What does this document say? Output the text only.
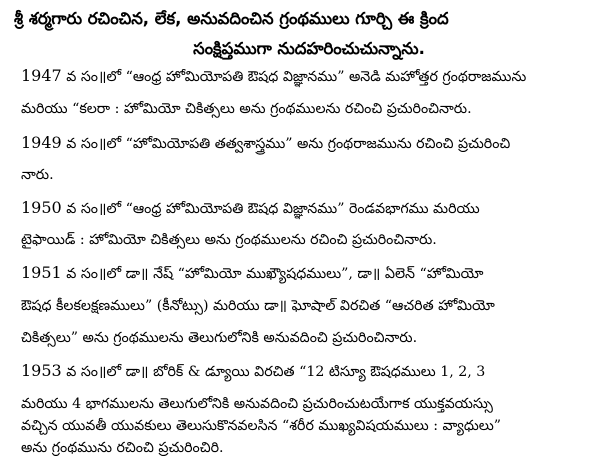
శ్రీ శర్మగారు రచించిన, లేక, అనువదించిన గ్రంథములు గూర్చి ఈ క్రింద
సంక్షిప్తముగా నుదహరించుచున్నాను.
1947 వ సం॥లో “ఆంధ్ర హోమియోపతి ఔషధ విజ్ఞానము” అనెడి మహోత్తర గ్రంథరాజమును
మరియు “కలరా : హోమియో చికిత్సలు అను గ్రంథములను రచించి ప్రచురించినారు.
1949 వ సం॥లో “హోమియోపతి తత్వశాస్త్రము” అను గ్రంథరాజమును రచించి ప్రచురించి
నారు.
1950 వ సం॥లో “ఆంధ్ర హోమియోపతి ఔషధ విజ్ఞానము” రెండవభాగము మరియు
టైఫాయిడ్ : హోమియో చికిత్సలు అను గ్రంథములను రచించి ప్రచురించినారు.
1951 వ సం॥లో డా॥ నేష్ “హోమియో ముఖ్యౌషధములు”, డా॥ ఏలెన్ “హోమియో
ఔషధ కీలకలక్షణములు” (కీనోట్సు) మరియు డా॥ ఘోషాల్ విరచిత “ఆచరిత హోమియో
చికిత్సలు” అను గ్రంథములను తెలుగులోనికి అనువదించి ప్రచురించినారు.
1953 వ సం॥లో డా॥ బోరిక్ & డ్యూయి విరచిత “12 టిస్యూ ఔషధములు 1, 2, 3
మరియు 4 భాగములను తెలుగులోనికి అనువదించి ప్రచురించుటయేగాక యుక్తవయస్సు
వచ్చిన యువతీ యువకులు తెలుసుకొనవలసిన “శరీర ముఖ్యవిషయములు : వ్యాధులు”
అను గ్రంథమును రచించి ప్రచురించిరి.
